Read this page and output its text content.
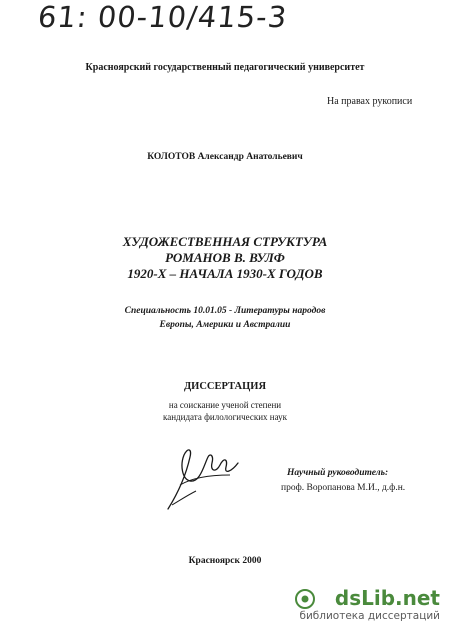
61: 00-10/415-3
Красноярский государственный педагогический университет
На правах рукописи
КОЛОТОВ Александр Анатольевич
ХУДОЖЕСТВЕННАЯ СТРУКТУРА
РОМАНОВ В. ВУЛФ
1920-Х – НАЧАЛА 1930-Х ГОДОВ
Специальность 10.01.05 - Литературы народов
Европы, Америки и Австралии
ДИССЕРТАЦИЯ
на соискание ученой степени
кандидата филологических наук
Научный руководитель:
проф. Воропанова М.И., д.ф.н.
Красноярск 2000
dsLib.net
библиотека диссертаций
